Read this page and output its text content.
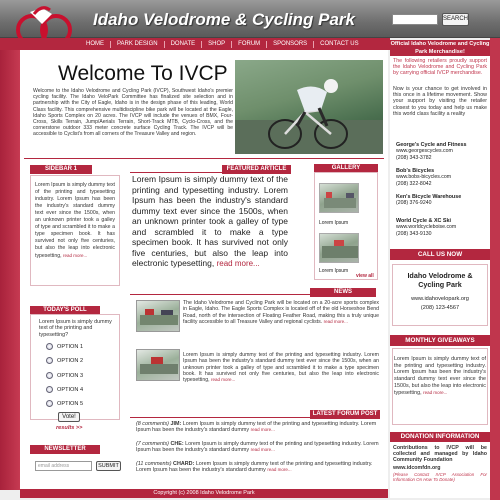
Idaho Velodrome & Cycling Park	SEARCH
HOME	PARK DESIGN	DONATE	SHOP	FORUM	SPONSORS	CONTACT US
Welcome To IVCP
Welcome to the Idaho Velodrome and Cycling Park (IVCP), Southwest Idaho's premier cycling facility. The Idaho VeloPark Committee has finalized site selection and in partnership with the City of Eagle, Idaho is in the design phase of this leading, World Class facility. This comprehensive multidiscipline bike park will be located at the Eagle, Idaho Sports Complex on 20 acres. The IVCP will include the venues of BMX, Four-Cross, Skills Terrain, Jump/Aerials Terrain, Short-Track MTB, Cyclo-Cross, and the cornerstone outdoor 333 meter concrete surface Cycling Track. The IVCP will be accessible to Cyclist's from all corners of the Treasure Valley and region.
SIDEBAR 1
Lorem Ipsum is simply dummy text of the printing and typesetting industry. Lorem Ipsum has been the industry's standard dummy text ever since the 1500s, when an unknown printer took a galley of type and scrambled it to make a type specimen book. It has survived not only five centuries, but also the leap into electronic typesetting, read more...
FEATURED ARTICLE
Lorem Ipsum is simply dummy text of the printing and typesetting industry. Lorem Ipsum has been the industry's standard dummy text ever since the 1500s, when an unknown printer took a galley of type and scrambled it to make a type specimen book. It has survived not only five centuries, but also the leap into electronic typesetting, read more...
GALLERY
Lorem Ipsum
Lorem Ipsum
view all
NEWS
The Idaho Velodrome and Cycling Park will be located on a 20-acre sports complex in Eagle, Idaho. The Eagle Sports Complex is located off of the old Horseshoe Bend Road, north of the intersection of Floating Feather Road, making this a truly unique facility accessible to all Treasure Valley and regional cyclists. read more...
Lorem Ipsum is simply dummy text of the printing and typesetting industry. Lorem Ipsum has been the industry's standard dummy text ever since the 1500s, when an unknown printer took a galley of type and scrambled it to make a type specimen book. It has survived not only five centuries, but also the leap into electronic typesetting, read more...
TODAY'S POLL
Lorem Ipsum is simply dummy text of the printing and typesetting?
OPTION 1
OPTION 2
OPTION 3
OPTION 4
OPTION 5
Vote!
results >>
LATEST FORUM POST
(8 comments) JIM: Lorem Ipsum is simply dummy text of the printing and typesetting industry. Lorem Ipsum has been the industry's standard dummy read more...
(7 comments) CHE: Lorem Ipsum is simply dummy text of the printing and typesetting industry. Lorem Ipsum has been the industry's standard dummy read more...
(11 comments) CHARD: Lorem Ipsum is simply dummy text of the printing and typesetting industry. Lorem Ipsum has been the industry's standard dummy read more...
NEWSLETTER
email address	SUBMIT
Copyright (c) 2008 Idaho Velodrome Park
Official Idaho Velodrome and Cycling Park Merchandise!
The following retailers proudly support the Idaho Velodrome and Cycling Park by carrying official IVCP merchandise.
Now is your chance to get involved in this once in a lifetime movement. Show your support by visiting the retailer closest to you today and help us make this world class facility a reality
George's Cycle and Fitness
www.georgescycles.com
(208) 343-3782
Bob's Bicycles
www.bobs-bicycles.com
(208) 322-8042
Ken's Bicycle Warehouse
(208) 376-9240
World Cycle & XC Ski
www.worldcycleboise.com
(208) 343-9130
CALL US NOW
Idaho Velodrome & Cycling Park
www.idahovelopark.org
(208) 123-4567
MONTHLY GIVEAWAYS
Lorem Ipsum is simply dummy text of the printing and typesetting industry. Lorem Ipsum has been the industry's standard dummy text ever since the 1500s, but also the leap into electronic typesetting, read more...
DONATION INFORMATION
Contributions to IVCP will be collected and managed by Idaho Community Foundation
www.idcomfdn.org
(Please Contact IVCP Association For Information On How To Donate)
